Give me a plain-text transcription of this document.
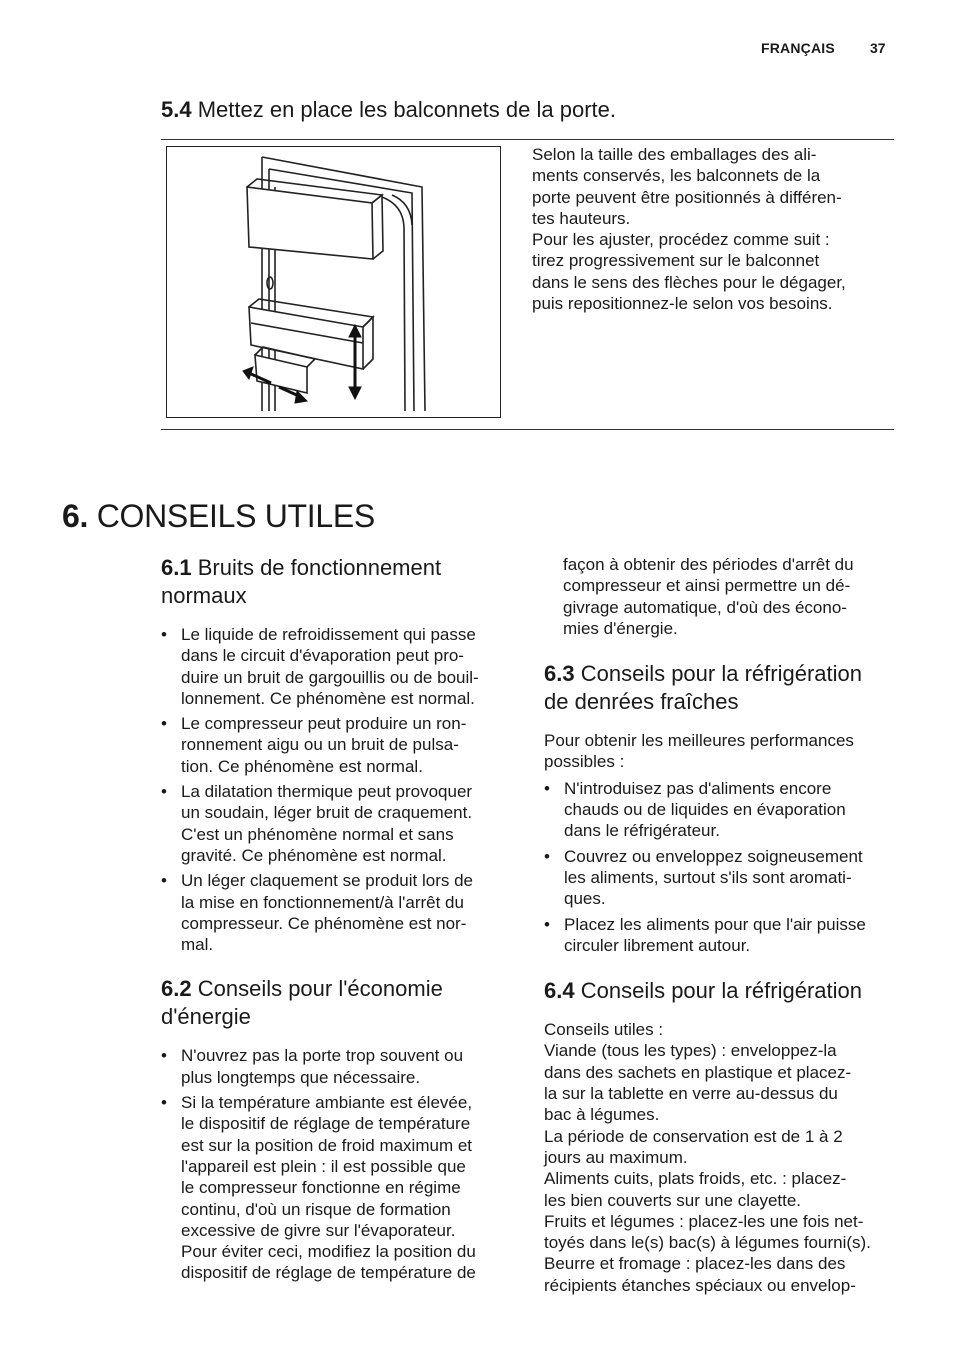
FRANÇAIS	37
5.4 Mettez en place les balconnets de la porte.

Selon la taille des emballages des ali-

ments conservés, les balconnets de la

porte peuvent être positionnés à différen-

tes hauteurs.

Pour les ajuster, procédez comme suit :

tirez progressivement sur le balconnet

dans le sens des flèches pour le dégager,

puis repositionnez-le selon vos besoins.

6. CONSEILS UTILES
6.1 Bruits de fonctionnement
normaux
• Le liquide de refroidissement qui passe
dans le circuit d'évaporation peut pro-
duire un bruit de gargouillis ou de bouil-
lonnement. Ce phénomène est normal.
• Le compresseur peut produire un ron-
ronnement aigu ou un bruit de pulsa-
tion. Ce phénomène est normal.
• La dilatation thermique peut provoquer
un soudain, léger bruit de craquement.
C'est un phénomène normal et sans
gravité. Ce phénomène est normal.
• Un léger claquement se produit lors de
la mise en fonctionnement/à l'arrêt du
compresseur. Ce phénomène est nor-
mal.
6.2 Conseils pour l'économie
d'énergie
• N'ouvrez pas la porte trop souvent ou
plus longtemps que nécessaire.
• Si la température ambiante est élevée,
le dispositif de réglage de température
est sur la position de froid maximum et
l'appareil est plein : il est possible que
le compresseur fonctionne en régime
continu, d'où un risque de formation
excessive de givre sur l'évaporateur.
Pour éviter ceci, modifiez la position du
dispositif de réglage de température de

façon à obtenir des périodes d'arrêt du

compresseur et ainsi permettre un dé-

givrage automatique, d'où des écono-

mies d'énergie.

6.3 Conseils pour la réfrigération
de denrées fraîches

Pour obtenir les meilleures performances

possibles :

• N'introduisez pas d'aliments encore
chauds ou de liquides en évaporation
dans le réfrigérateur.
• Couvrez ou enveloppez soigneusement
les aliments, surtout s'ils sont aromati-
ques.
• Placez les aliments pour que l'air puisse
circuler librement autour.
6.4 Conseils pour la réfrigération

Conseils utiles :

Viande (tous les types) : enveloppez-la

dans des sachets en plastique et placez-

la sur la tablette en verre au-dessus du

bac à légumes.

La période de conservation est de 1 à 2

jours au maximum.

Aliments cuits, plats froids, etc. : placez-

les bien couverts sur une clayette.

Fruits et légumes : placez-les une fois net-

toyés dans le(s) bac(s) à légumes fourni(s).

Beurre et fromage : placez-les dans des

récipients étanches spéciaux ou envelop-
